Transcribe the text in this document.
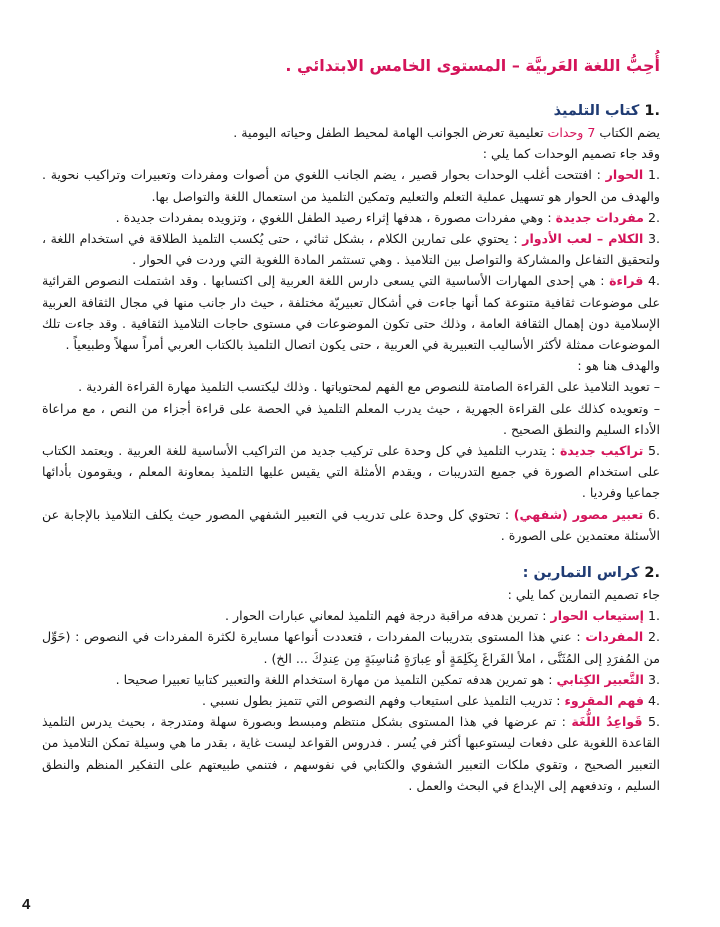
أُحِبُّ اللغة العَربيَّة – المستوى الخامس الابتدائي .

.1 كتاب التلميذ

يضم الكتاب 7 وحدات تعليمية تعرض الجوانب الهامة لمحيط الطفل وحياته اليومية .

وقد جاء تصميم الوحدات كما يلي :

.1 الحوار : افتتحت أغلب الوحدات بحوار قصير ، يضم الجانب اللغوي من أصوات ومفردات وتعبيرات وتراكيب نحوية . والهدف من الحوار هو تسهيل عملية التعلم والتعليم وتمكين التلميذ من استعمال اللغة والتواصل بها.

.2 مفردات جديدة : وهي مفردات مصورة ، هدفها إثراء رصيد الطفل اللغوي ، وتزويده بمفردات جديدة .

.3 الكلام – لعب الأدوار : يحتوي على تمارين الكلام ، بشكل ثنائي ، حتى يُكسب التلميذ الطلاقة في استخدام اللغة ، ولتحقيق التفاعل والمشاركة والتواصل بين التلاميذ . وهي تستثمر المادة اللغوية التي وردت في الحوار .

.4 قراءة : هي إحدى المهارات الأساسية التي يسعى دارس اللغة العربية إلى اكتسابها . وقد اشتملت النصوص القرائية على موضوعات ثقافية متنوعة كما أنها جاءت في أشكال تعبيريّة مختلفة ، حيث دار جانب منها في مجال الثقافة العربية الإسلامية دون إهمال الثقافة العامة ، وذلك حتى تكون الموضوعات في مستوى حاجات التلاميذ الثقافية . وقد جاءت تلك الموضوعات ممثلة لأكثر الأساليب التعبيرية في العربية ، حتى يكون اتصال التلميذ بالكتاب العربي أمراً سهلاً وطبيعياً .

والهدف هنا هو :

– تعويد التلاميذ على القراءة الصامتة للنصوص مع الفهم لمحتوياتها . وذلك ليكتسب التلميذ مهارة القراءة الفردية .

– وتعويده كذلك على القراءة الجهرية ، حيث يدرب المعلم التلميذ في الحصة على قراءة أجزاء من النص ، مع مراعاة الأداء السليم والنطق الصحيح .

.5 تراكيب جديدة : يتدرب التلميذ في كل وحدة على تركيب جديد من التراكيب الأساسية للغة العربية . ويعتمد الكتاب على استخدام الصورة في جميع التدريبات ، ويقدم الأمثلة التي يقيس عليها التلميذ بمعاونة المعلم ، ويقومون بأدائها جماعيا وفرديا .

.6 تعبير مصور (شفهي) : تحتوي كل وحدة على تدريب في التعبير الشفهي المصور حيث يكلف التلاميذ بالإجابة عن الأسئلة معتمدين على الصورة .

.2 كراس التمارين :

جاء تصميم التمارين كما يلي :

.1 إستيعاب الحوار : تمرين هدفه مراقبة درجة فهم التلميذ لمعاني عبارات الحوار .

.2 المفردات : عني هذا المستوى بتدريبات المفردات ، فتعددت أنواعها مسايرة لكثرة المفردات في النصوص : (حَوِّل من المُفرَدِ إلى المُثَنَّى ، املأ الفَراغَ بِكَلِمَةٍ أو عِبارَةٍ مُناسِبَةٍ مِن عِندِكَ ... الخ) .

.3 التَّعبير الكِتابي : هو تمرين هدفه تمكين التلميذ من مهارة استخدام اللغة والتعبير كتابيا تعبيرا صحيحا .

.4 فهم المقروء : تدريب التلميذ على استيعاب وفهم النصوص التي تتميز بطول نسبي .

.5 قَواعِدُ اللُّغَة : تم عرضها في هذا المستوى بشكل منتظم ومبسط وبصورة سهلة ومتدرجة ، بحيث يدرس التلميذ القاعدة اللغوية على دفعات ليستوعبها أكثر في يُسر . فدروس القواعد ليست غاية ، بقدر ما هي وسيلة تمكن التلاميذ من التعبير الصحيح ، وتقوي ملكات التعبير الشفوي والكتابي في نفوسهم ، فتنمي طبيعتهم على التفكير المنظم والنطق السليم ، وتدفعهم إلى الإبداع في البحث والعمل .

4
